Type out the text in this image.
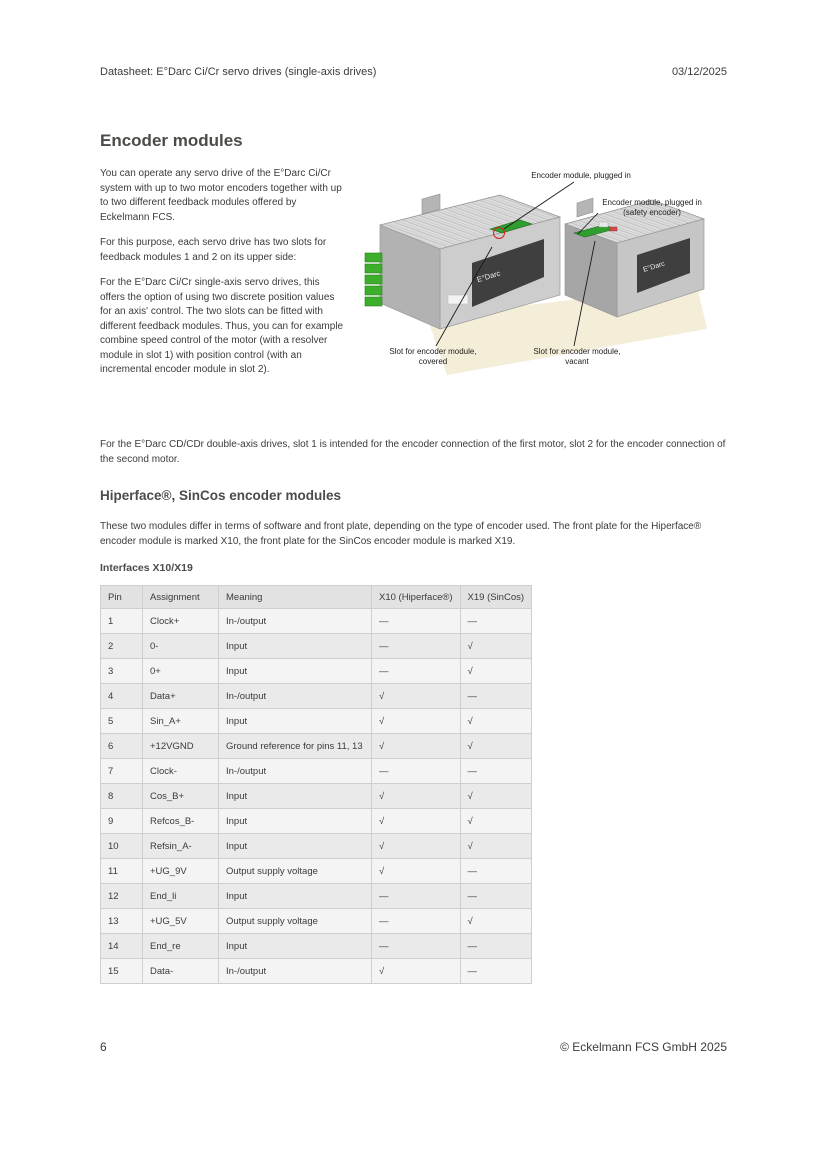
Datasheet: E°Darc Ci/Cr servo drives (single-axis drives)	03/12/2025
Encoder modules

You can operate any servo drive of the E°Darc Ci/Cr system with up to two motor encoders together with up to two different feedback modules offered by Eckelmann FCS.

For this purpose, each servo drive has two slots for feedback modules 1 and 2 on its upper side:

For the E°Darc Ci/Cr single-axis servo drives, this offers the option of using two discrete position values for an axis' control. The two slots can be fitted with different feedback modules. Thus, you can for example combine speed control of the motor (with a resolver module in slot 1) with position control (with an incremental encoder module in slot 2).

E°Darc
E°Darc
Encoder module, plugged in
Encoder module, plugged in (safety encoder)
Slot for encoder module, covered
Slot for encoder module, vacant
For the E°Darc CD/CDr double-axis drives, slot 1 is intended for the encoder connection of the first motor, slot 2 for the encoder connection of the second motor.
Hiperface®, SinCos encoder modules
These two modules differ in terms of software and front plate, depending on the type of encoder used. The front plate for the Hiperface® encoder module is marked X10, the front plate for the SinCos encoder module is marked X19.
Interfaces X10/X19
Pin	Assignment	Meaning	X10 (Hiperface®)	X19 (SinCos)
1	Clock+	In-/output	—	—
2	0-	Input	—	√
3	0+	Input	—	√
4	Data+	In-/output	√	—
5	Sin_A+	Input	√	√
6	+12VGND	Ground reference for pins 11, 13	√	√
7	Clock-	In-/output	—	—
8	Cos_B+	Input	√	√
9	Refcos_B-	Input	√	√
10	Refsin_A-	Input	√	√
11	+UG_9V	Output supply voltage	√	—
12	End_li	Input	—	—
13	+UG_5V	Output supply voltage	—	√
14	End_re	Input	—	—
15	Data-	In-/output	√	—
6	© Eckelmann FCS GmbH 2025
